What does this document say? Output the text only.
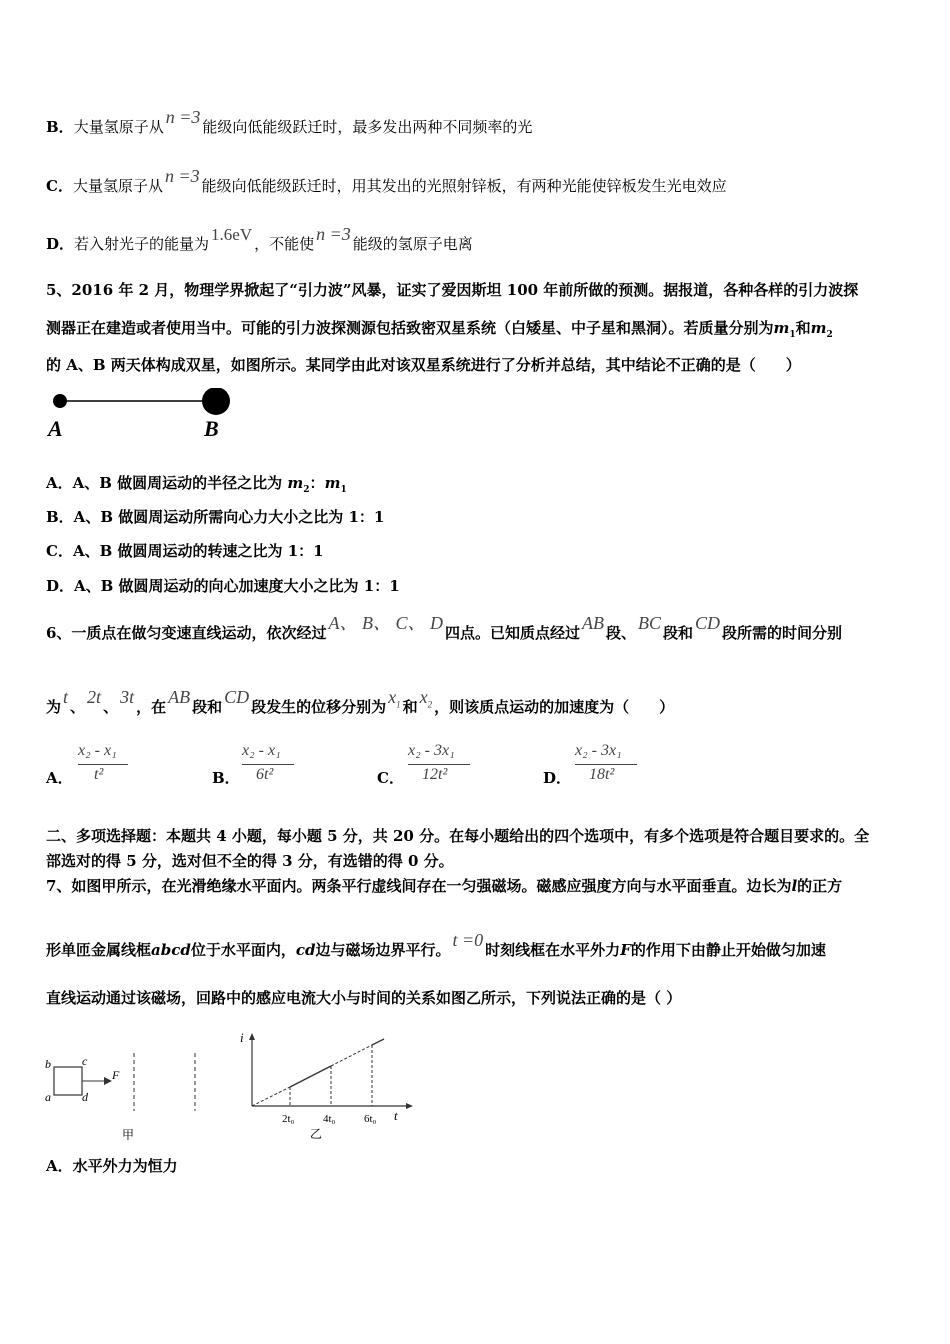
B．大量氢原子从 n =3 能级向低能级跃迁时，最多发出两种不同频率的光
C．大量氢原子从 n =3 能级向低能级跃迁时，用其发出的光照射锌板，有两种光能使锌板发生光电效应
D．若入射光子的能量为 1.6eV ，不能使 n =3 能级的氢原子电离
5、2016 年 2 月，物理学界掀起了“引力波”风暴，证实了爱因斯坦 100 年前所做的预测。据报道，各种各样的引力波探
测器正在建造或者使用当中。可能的引力波探测源包括致密双星系统（白矮星、中子星和黑洞）。若质量分别为$m_1$和$m_2$
的 A、B 两天体构成双星，如图所示。某同学由此对该双星系统进行了分析并总结，其中结论不正确的是（　　）
A	B
A．A、B 做圆周运动的半径之比为 $m_2$：$m_1$
B．A、B 做圆周运动所需向心力大小之比为 1：1
C．A、B 做圆周运动的转速之比为 1：1
D．A、B 做圆周运动的向心加速度大小之比为 1：1
6、一质点在做匀变速直线运动，依次经过 A、 B、 C、 D 四点。已知质点经过 AB 段、 BC 段和 CD 段所需的时间分别
为 t 、 2t 、 3t ，在 AB 段和 CD 段发生的位移分别为 $x_1$ 和 $x_2$ ，则该质点运动的加速度为（　　）
A．
x₂ - x₁
t²	B．
x₂ - x₁
6t²	C．
x₂ - 3x₁
12t²	D．
x₂ - 3x₁
18t²
二、多项选择题：本题共 4 小题，每小题 5 分，共 20 分。在每小题给出的四个选项中，有多个选项是符合题目要求的。全
部选对的得 5 分，选对但不全的得 3 分，有选错的得 0 分。
7、如图甲所示，在光滑绝缘水平面内。两条平行虚线间存在一匀强磁场。磁感应强度方向与水平面垂直。边长为l的正方
形单匝金属线框abcd位于水平面内，cd边与磁场边界平行。 t =0 时刻线框在水平外力F的作用下由静止开始做匀加速
直线运动通过该磁场，回路中的感应电流大小与时间的关系如图乙所示，下列说法正确的是（ ）
b	c
a	d
F
甲
i
t
2t₀	4t₀	6t₀
乙
A．水平外力为恒力
